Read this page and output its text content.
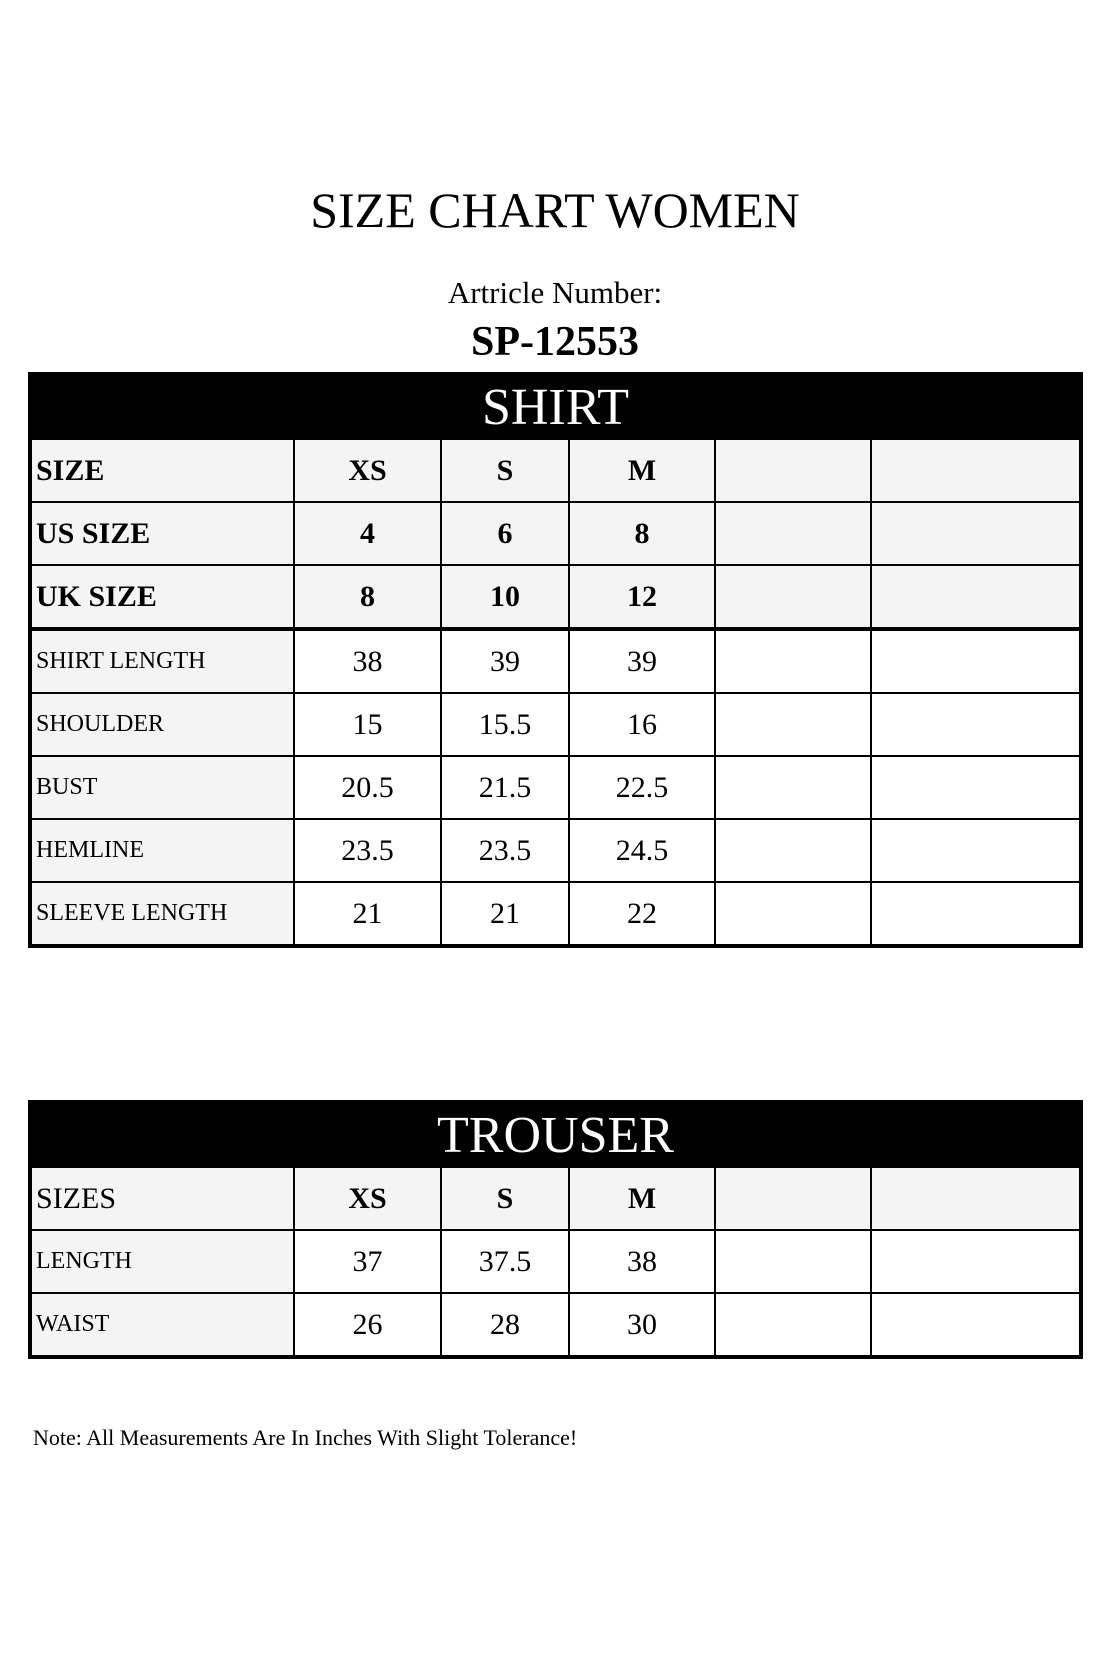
SIZE CHART WOMEN
Artricle Number:
SP-12553
SHIRT
SIZE	XS	S	M		
US SIZE	4	6	8		
UK SIZE	8	10	12		
SHIRT LENGTH	38	39	39		
SHOULDER	15	15.5	16		
BUST	20.5	21.5	22.5		
HEMLINE	23.5	23.5	24.5		
SLEEVE LENGTH	21	21	22		
TROUSER
SIZES	XS	S	M		
LENGTH	37	37.5	38		
WAIST	26	28	30		
Note: All Measurements Are In Inches With Slight Tolerance!
